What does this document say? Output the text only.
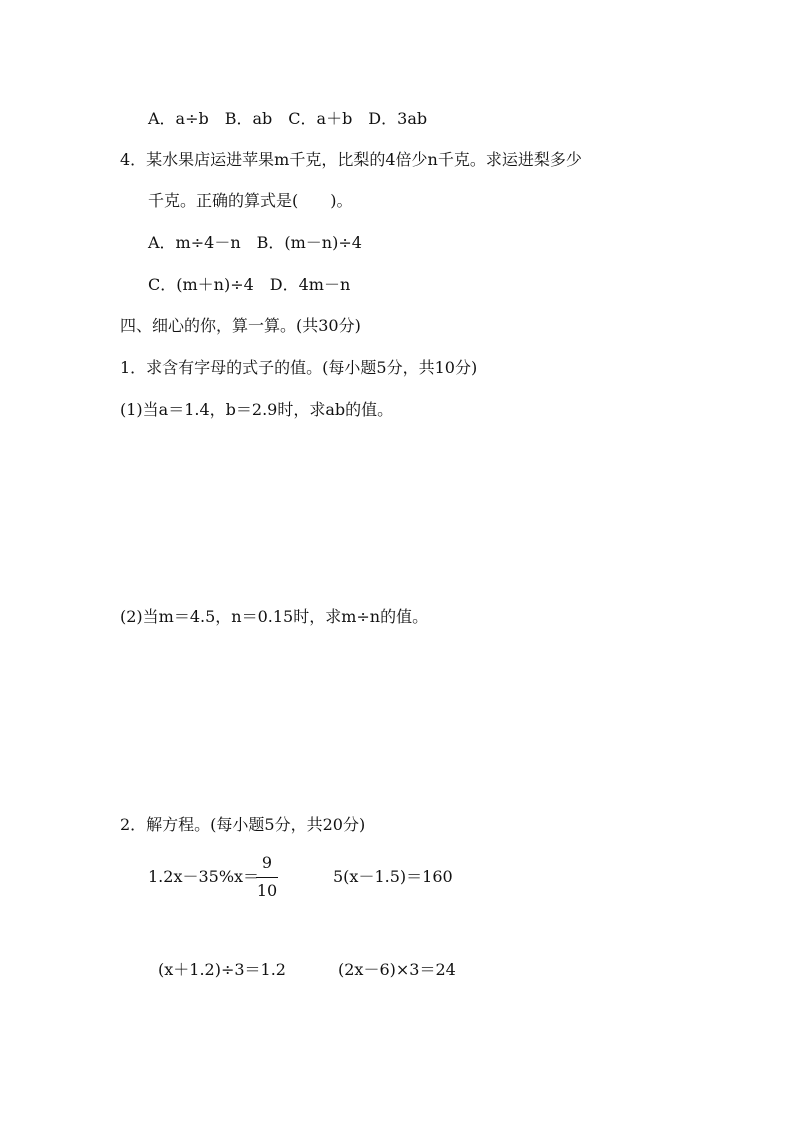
A．a÷b　B．ab　C．a＋b　D．3ab
4．某水果店运进苹果m千克，比梨的4倍少n千克。求运进梨多少
千克。正确的算式是(　　)。
A．m÷4－n　B．(m－n)÷4
C．(m＋n)÷4　D．4m－n
四、细心的你，算一算。(共30分)
1．求含有字母的式子的值。(每小题5分，共10分)
(1)当a＝1.4，b＝2.9时，求ab的值。
(2)当m＝4.5，n＝0.15时，求m÷n的值。
2．解方程。(每小题5分，共20分)
1.2x－35%x＝
9
10
5(x－1.5)＝160
(x＋1.2)÷3＝1.2	(2x－6)×3＝24
